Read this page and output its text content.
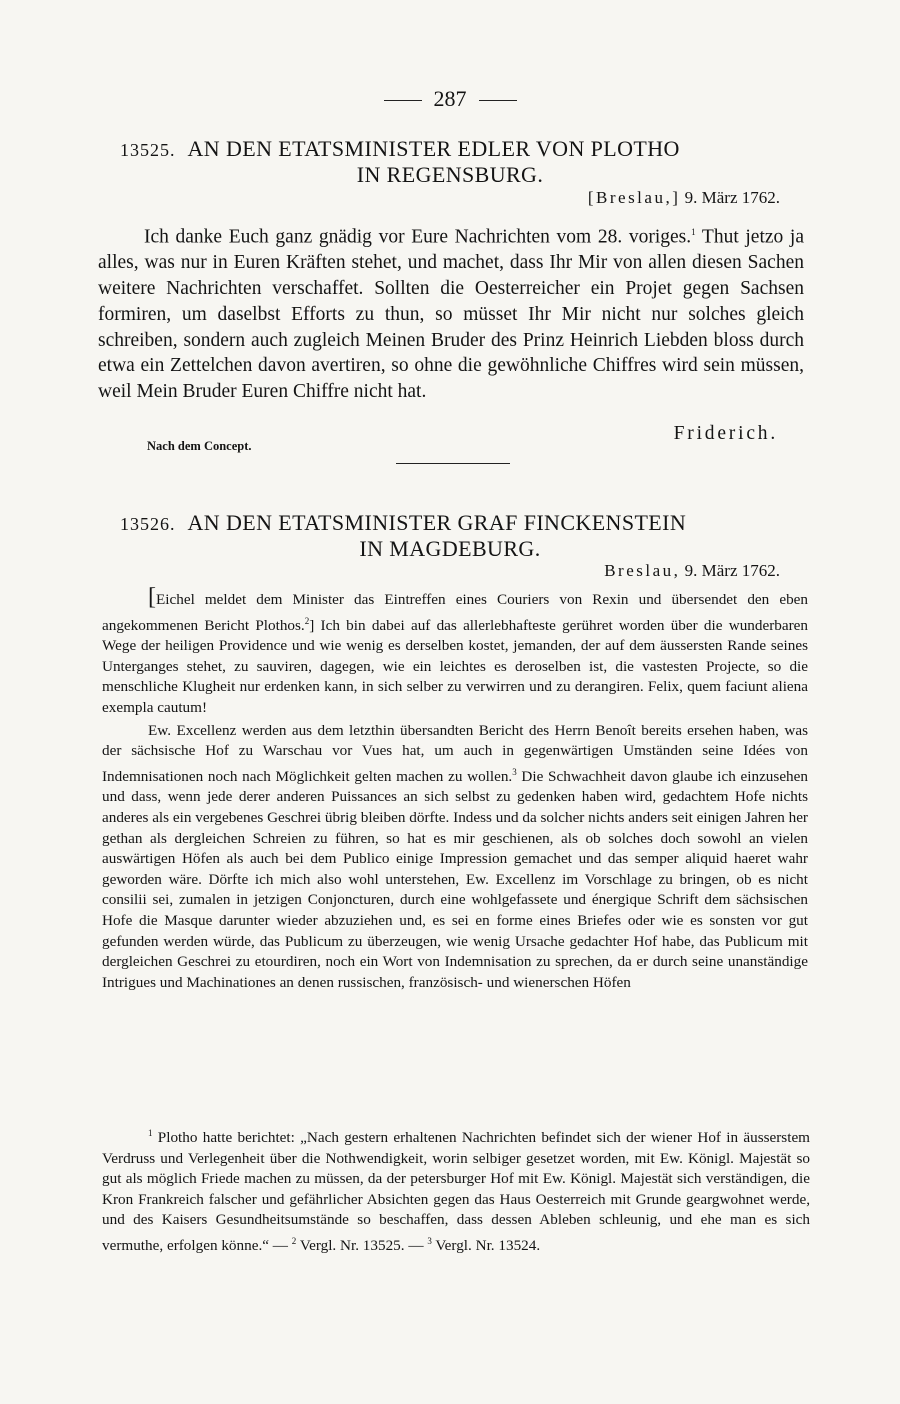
287
13525. AN DEN ETATSMINISTER EDLER VON PLOTHO
IN REGENSBURG.
[Breslau,] 9. März 1762.

Ich danke Euch ganz gnädig vor Eure Nachrichten vom 28. voriges.$^1$ Thut jetzo ja alles, was nur in Euren Kräften stehet, und machet, dass Ihr Mir von allen diesen Sachen weitere Nachrichten verschaffet. Sollten die Oesterreicher ein Projet gegen Sachsen formiren, um daselbst Efforts zu thun, so müsset Ihr Mir nicht nur solches gleich schreiben, sondern auch zugleich Meinen Bruder des Prinz Heinrich Liebden bloss durch etwa ein Zettelchen davon avertiren, so ohne die gewöhnliche Chiffres wird sein müssen, weil Mein Bruder Euren Chiffre nicht hat.

Nach dem Concept.
Friderich.
13526. AN DEN ETATSMINISTER GRAF FINCKENSTEIN
IN MAGDEBURG.
Breslau, 9. März 1762.

[Eichel meldet dem Minister das Eintreffen eines Couriers von Rexin und übersendet den eben angekommenen Bericht Plothos.$^2$] Ich bin dabei auf das allerlebhafteste gerühret worden über die wunderbaren Wege der heiligen Providence und wie wenig es derselben kostet, jemanden, der auf dem äussersten Rande seines Unterganges stehet, zu sauviren, dagegen, wie ein leichtes es deroselben ist, die vastesten Projecte, so die menschliche Klugheit nur erdenken kann, in sich selber zu verwirren und zu derangiren. Felix, quem faciunt aliena exempla cautum!

Ew. Excellenz werden aus dem letzthin übersandten Bericht des Herrn Benoît bereits ersehen haben, was der sächsische Hof zu Warschau vor Vues hat, um auch in gegenwärtigen Umständen seine Idées von Indemnisationen noch nach Möglichkeit gelten machen zu wollen.$^3$ Die Schwachheit davon glaube ich einzusehen und dass, wenn jede derer anderen Puissances an sich selbst zu gedenken haben wird, gedachtem Hofe nichts anderes als ein vergebenes Geschrei übrig bleiben dörfte. Indess und da solcher nichts anders seit einigen Jahren her gethan als dergleichen Schreien zu führen, so hat es mir geschienen, als ob solches doch sowohl an vielen auswärtigen Höfen als auch bei dem Publico einige Impression gemachet und das semper aliquid haeret wahr geworden wäre. Dörfte ich mich also wohl unterstehen, Ew. Excellenz im Vorschlage zu bringen, ob es nicht consilii sei, zumalen in jetzigen Conjoncturen, durch eine wohlgefassete und énergique Schrift dem sächsischen Hofe die Masque darunter wieder abzuziehen und, es sei en forme eines Briefes oder wie es sonsten vor gut gefunden werden würde, das Publicum zu überzeugen, wie wenig Ursache gedachter Hof habe, das Publicum mit dergleichen Geschrei zu etourdiren, noch ein Wort von Indemnisation zu sprechen, da er durch seine unanständige Intrigues und Machinationes an denen russischen, französisch- und wienerschen Höfen

$^1$ Plotho hatte berichtet: „Nach gestern erhaltenen Nachrichten befindet sich der wiener Hof in äusserstem Verdruss und Verlegenheit über die Nothwendigkeit, worin selbiger gesetzet worden, mit Ew. Königl. Majestät so gut als möglich Friede machen zu müssen, da der petersburger Hof mit Ew. Königl. Majestät sich verständigen, die Kron Frankreich falscher und gefährlicher Absichten gegen das Haus Oesterreich mit Grunde geargwohnet werde, und des Kaisers Gesundheitsumstände so beschaffen, dass dessen Ableben schleunig, und ehe man es sich vermuthe, erfolgen könne.“ — $^2$ Vergl. Nr. 13525. — $^3$ Vergl. Nr. 13524.
